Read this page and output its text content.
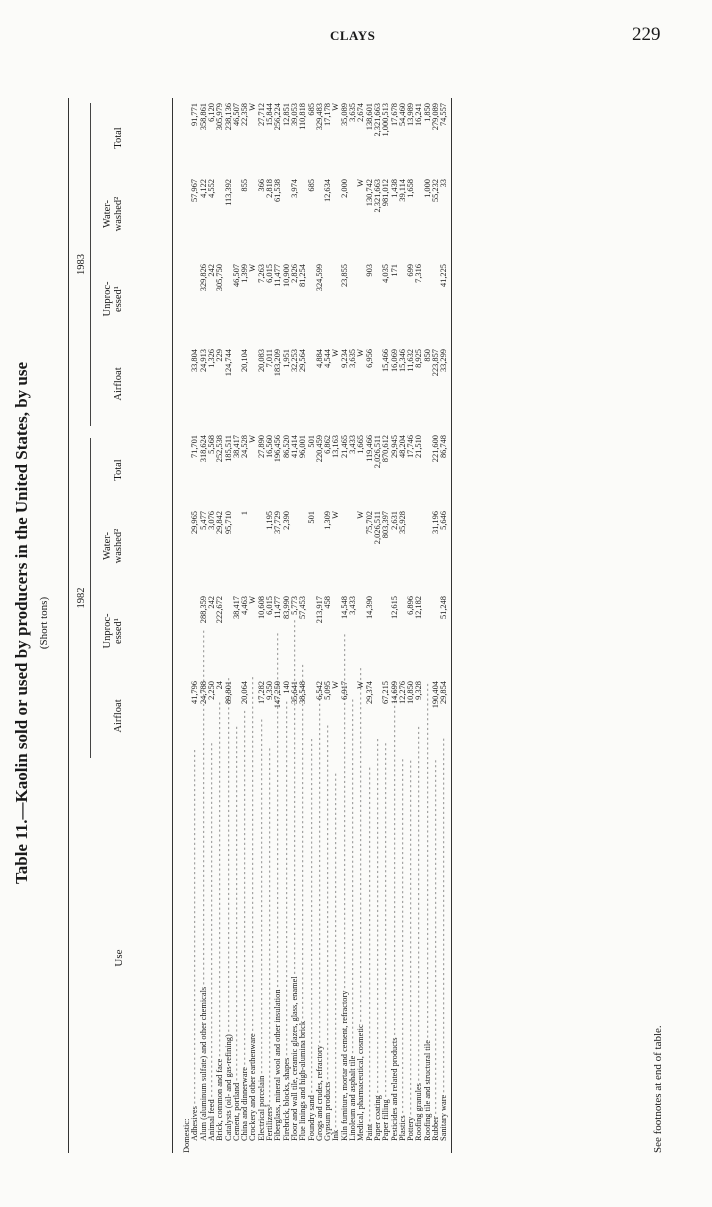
CLAYS	229
Table 11.—Kaolin sold or used by producers in the United States, by use (Short tons)
Use
1982
1983
Airfloat
Unproc-
essed¹
Water-
washed²
Total
Airfloat
Unproc-
essed¹
Water-
washed²
Total
Domestic: Adhesives - - -
41,796
29,965
71,701
33,804
57,967
91,771
Alum (aluminum sulfate) and other chemicals - - -
24,788
288,359
5,477
318,624
24,913
329,826
4,122
358,861
Animal feed - - -
2,250
242
3,076
5,568
1,326
242
4,552
6,120
Brick, common and face - - -
24
222,672
29,842
252,538
229
305,750
305,979
Catalysts (oil- and gas-refining) - - -
89,801
95,710
185,511
124,744
113,392
238,136
Cement, portland - - -
38,417
38,417
46,507
46,507
China and dinnerware - - -
20,064
4,463
1
24,528
20,104
1,399
855
22,358
Crockery and other earthenware - - -
W
W
W
W
Electrical porcelain - - -
17,282
10,608
27,890
20,083
7,263
366
27,712
Fertilizers³ - - -
9,350
6,015
1,195
16,560
7,011
6,015
2,818
15,844
Fiberglass, mineral wool and other insulation - - -
147,250
11,477
37,729
196,456
183,209
11,477
61,538
256,224
Firebrick, blocks, shapes - - -
140
83,990
2,390
86,520
1,951
10,900
12,851
Floor and wall tile, ceramic glazes, glass, enamel - - -
35,641
5,773
41,414
32,253
2,826
3,974
39,053
Flue linings and high-alumina brick - - -
38,548
57,453
96,001
29,564
81,254
110,818
Foundry sand - - -
501
501
685
685
Grogs and crudes, refractory - - -
6,542
213,917
220,459
4,884
324,599
329,483
Gypsum products - - -
5,095
458
1,309
6,862
4,544
12,634
17,178
Ink - - -
W
W
13,163
W
W
Kiln furniture, mortar and cement, refractory - - -
6,917
14,548
21,465
9,234
23,855
2,000
35,089
Linoleum and asphalt tile - - -
3,433
3,433
3,635
3,635
Medical, pharmaceutical, cosmetic - - -
W
W
1,665
W
W
2,674
Paint - - -
29,374
14,390
75,702
119,466
6,956
903
130,742
138,601
Paper coating - - -
2,026,511
2,026,511
2,321,663
2,321,663
Paper filling - - -
67,215
803,397
870,612
15,466
4,035
981,012
1,000,513
Pesticides and related products - - -
14,699
12,615
2,631
29,945
16,069
171
1,438
17,678
Plastics - - -
12,276
35,928
48,204
15,346
39,114
54,460
Pottery - - -
10,850
6,896
17,746
11,632
699
1,658
13,989
Roofing granules - - -
9,328
12,182
21,510
8,925
7,316
16,241
Roofing tile and structural tile - - -
850
1,000
1,850
Rubber - - -
190,404
31,196
221,600
223,857
55,232
279,089
Sanitary ware - - -
29,854
51,248
5,646
86,748
33,299
41,225
33
74,557
See footnotes at end of table.
